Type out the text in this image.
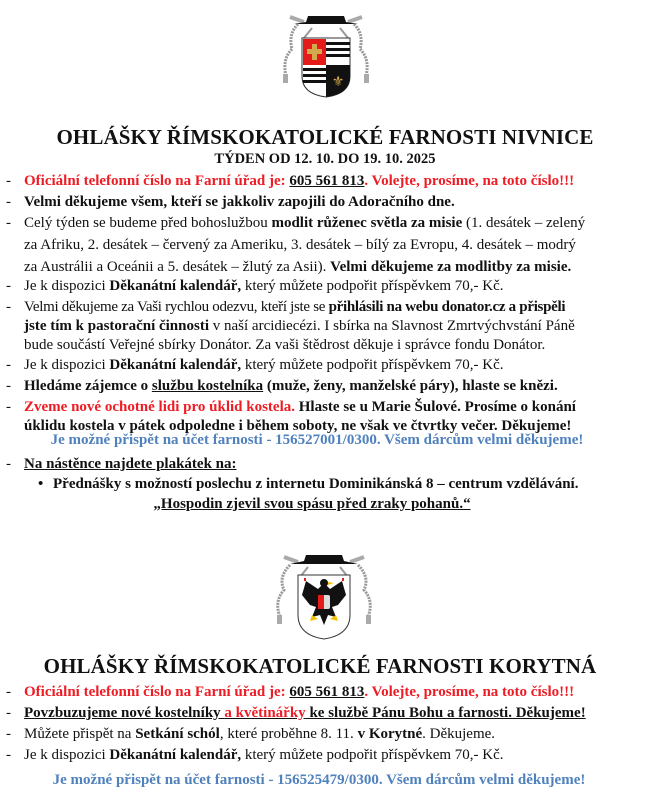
⚜
OHLÁŠKY ŘÍMSKOKATOLICKÉ FARNOSTI NIVNICE
TÝDEN OD 12. 10. DO 19. 10. 2025
- Oficiální telefonní číslo na Farní úřad je: 605 561 813. Volejte, prosíme, na toto číslo!!!
- Velmi děkujeme všem, kteří se jakkoliv zapojili do Adoračního dne.
- Celý týden se budeme před bohoslužbou modlit růženec světla za misie (1. desátek – zelený
za Afriku, 2. desátek – červený za Ameriku, 3. desátek – bílý za Evropu, 4. desátek – modrý
za Austrálii a Oceánii a 5. desátek – žlutý za Asii). Velmi děkujeme za modlitby za misie.
- Je k dispozici Děkanátní kalendář, který můžete podpořit příspěvkem 70,- Kč.
- Velmi děkujeme za Vaši rychlou odezvu, kteří jste se přihlásili na webu donator.cz a přispěli
jste tím k pastorační činnosti v naší arcidiecézi. I sbírka na Slavnost Zmrtvýchvstání Páně
bude součástí Veřejné sbírky Donátor. Za vaši štědrost děkuje i správce fondu Donátor.
- Je k dispozici Děkanátní kalendář, který můžete podpořit příspěvkem 70,- Kč.
- Hledáme zájemce o službu kostelníka (muže, ženy, manželské páry), hlaste se knězi.
- Zveme nové ochotné lidi pro úklid kostela. Hlaste se u Marie Šulové. Prosíme o konání
úklidu kostela v pátek odpoledne i během soboty, ne však ve čtvrtky večer. Děkujeme!
Je možné přispět na účet farnosti - 156527001/0300. Všem dárcům velmi děkujeme!
- Na nástěnce najdete plakátek na:
• Přednášky s možností poslechu z internetu Dominikánská 8 – centrum vzdělávání.
„Hospodin zjevil svou spásu před zraky pohanů.“
OHLÁŠKY ŘÍMSKOKATOLICKÉ FARNOSTI KORYTNÁ
- Oficiální telefonní číslo na Farní úřad je: 605 561 813. Volejte, prosíme, na toto číslo!!!
- Povzbuzujeme nové kostelníky a květinářky ke službě Pánu Bohu a farnosti. Děkujeme!
- Můžete přispět na Setkání schól, které proběhne 8. 11. v Korytné. Děkujeme.
- Je k dispozici Děkanátní kalendář, který můžete podpořit příspěvkem 70,- Kč.
Je možné přispět na účet farnosti - 156525479/0300. Všem dárcům velmi děkujeme!
